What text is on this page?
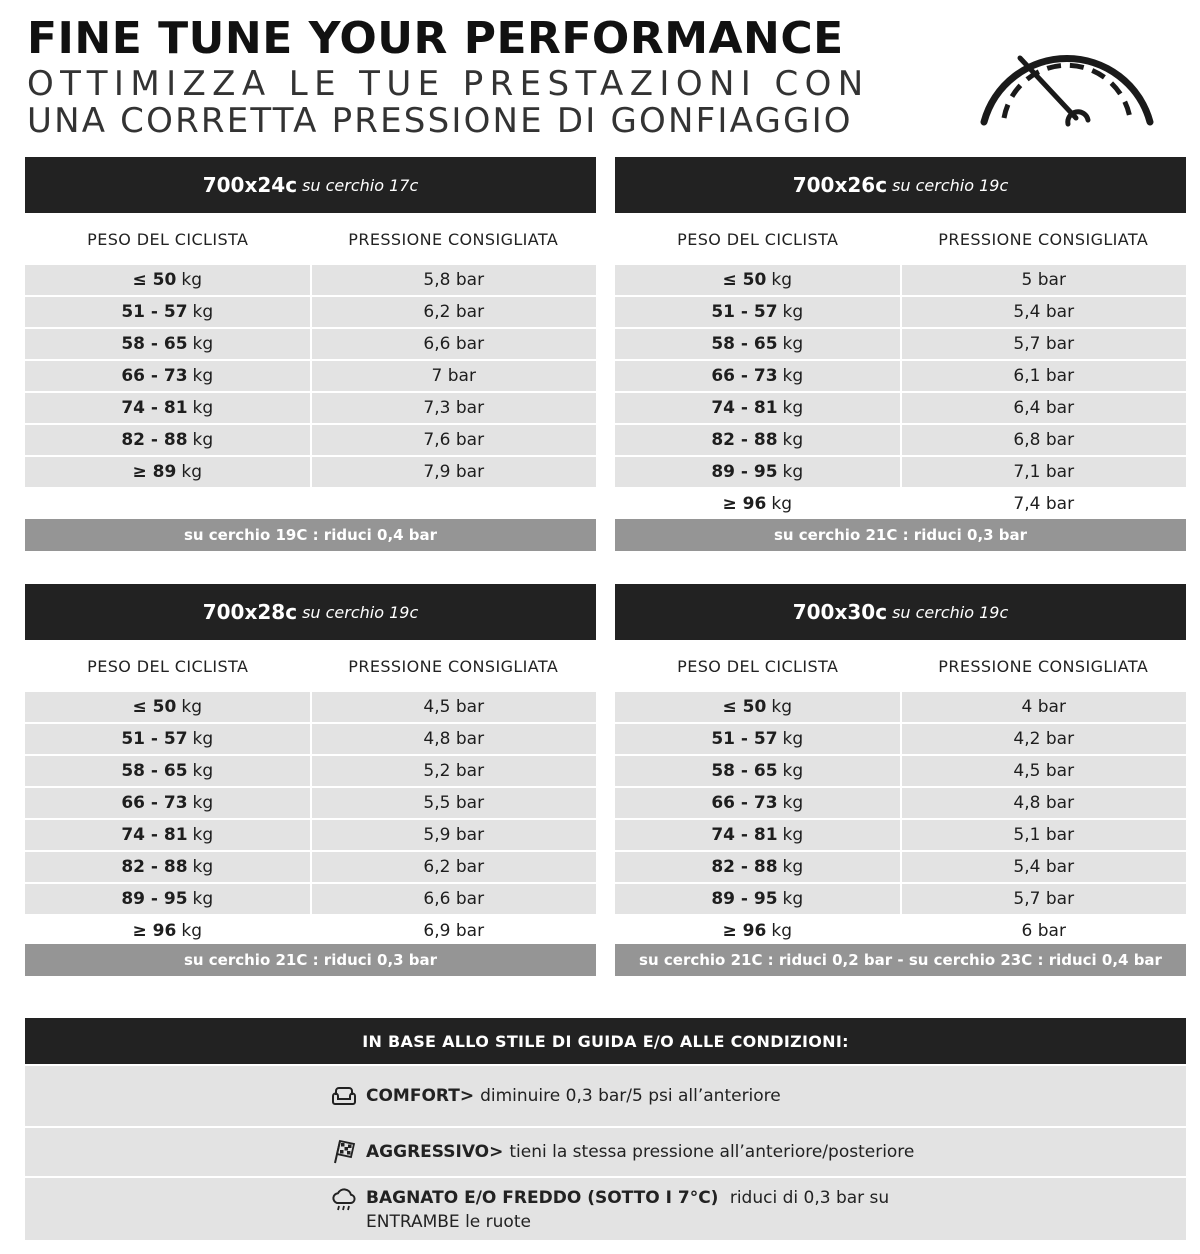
FINE TUNE YOUR PERFORMANCE
OTTIMIZZA LE TUE PRESTAZIONI CON
UNA CORRETTA PRESSIONE DI GONFIAGGIO
700x24c su cerchio 17c
PESO DEL CICLISTA	PRESSIONE CONSIGLIATA
≤ 50 kg	5,8 bar
51 - 57 kg	6,2 bar
58 - 65 kg	6,6 bar
66 - 73 kg	7 bar
74 - 81 kg	7,3 bar
82 - 88 kg	7,6 bar
≥ 89 kg	7,9 bar
su cerchio 19C : riduci 0,4 bar
700x26c su cerchio 19c
PESO DEL CICLISTA	PRESSIONE CONSIGLIATA
≤ 50 kg	5 bar
51 - 57 kg	5,4 bar
58 - 65 kg	5,7 bar
66 - 73 kg	6,1 bar
74 - 81 kg	6,4 bar
82 - 88 kg	6,8 bar
89 - 95 kg	7,1 bar
≥ 96 kg	7,4 bar
su cerchio 21C : riduci 0,3 bar
700x28c su cerchio 19c
PESO DEL CICLISTA	PRESSIONE CONSIGLIATA
≤ 50 kg	4,5 bar
51 - 57 kg	4,8 bar
58 - 65 kg	5,2 bar
66 - 73 kg	5,5 bar
74 - 81 kg	5,9 bar
82 - 88 kg	6,2 bar
89 - 95 kg	6,6 bar
≥ 96 kg	6,9 bar
su cerchio 21C : riduci 0,3 bar
700x30c su cerchio 19c
PESO DEL CICLISTA	PRESSIONE CONSIGLIATA
≤ 50 kg	4 bar
51 - 57 kg	4,2 bar
58 - 65 kg	4,5 bar
66 - 73 kg	4,8 bar
74 - 81 kg	5,1 bar
82 - 88 kg	5,4 bar
89 - 95 kg	5,7 bar
≥ 96 kg	6 bar
su cerchio 21C : riduci 0,2 bar - su cerchio 23C : riduci 0,4 bar
IN BASE ALLO STILE DI GUIDA E/O ALLE CONDIZIONI:
COMFORT> diminuire 0,3 bar/5 psi all’anteriore
AGGRESSIVO> tieni la stessa pressione all’anteriore/posteriore
BAGNATO E/O FREDDO (SOTTO I 7°C) riduci di 0,3 bar su
ENTRAMBE le ruote
